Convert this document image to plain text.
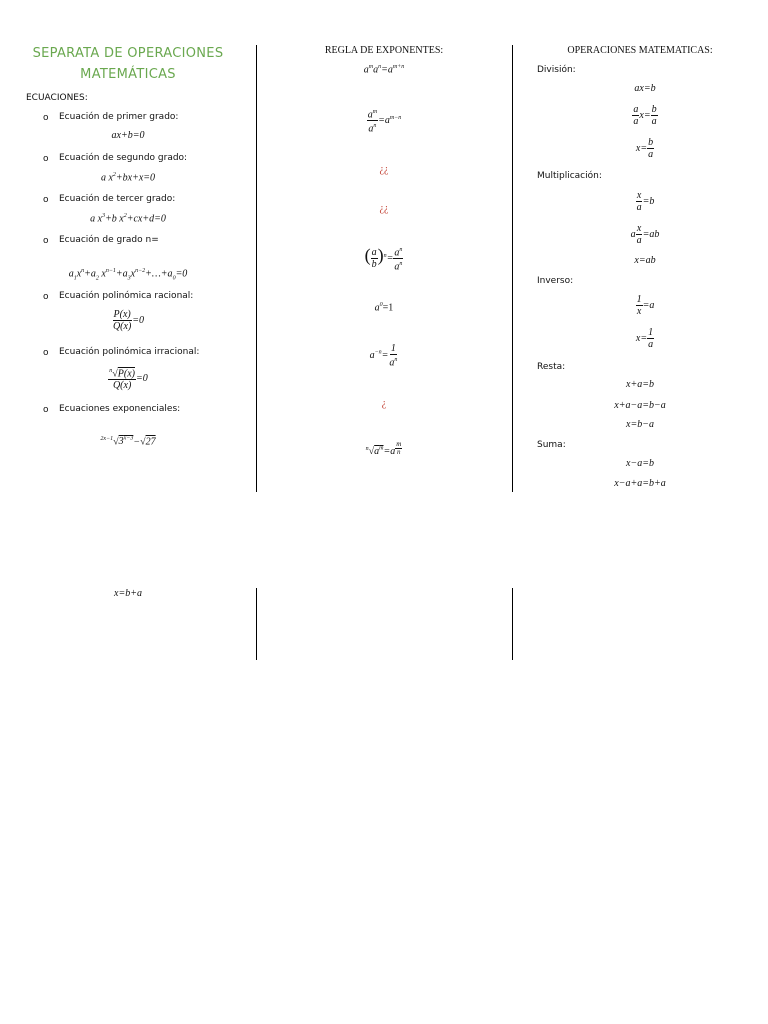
SEPARATA DE OPERACIONES
MATEMÁTICAS
ECUACIONES:
o Ecuación de primer grado:
ax+b=0
o Ecuación de segundo grado:
a $x^2+bx+x=0$
o Ecuación de tercer grado:
a $x^3+b$ $x^2+cx+d=0$
o Ecuación de grado n=
$a_1x^n+a_2$ $x^{n-1}+a_3x^{n-2}+\dots+a_0=0$
o Ecuación polinómica racional:
$\frac{P(x)}{Q(x)} =0$
o Ecuación polinómica irracional:
$\frac{^n√P(x)}{Q(x)} =0$
o Ecuaciones exponenciales:
$^{2x-1}√3^{x-3}-√27$
x=b+a
REGLA DE EXPONENTES:
$a^ma^n=a^{m+n}$
$\frac{a^m}{a^n} =a^{m-n}$
¿¿
¿¿
( $\frac{a}{b} )^n= \frac{a^n}{a^n}$
$a^0=1$
$a^{-n}= \frac{1}{a^n}$
¿
$^n√a^m=a$ $^{\frac{m}{n}}$
OPERACIONES MATEMATICAS:
División:
ax=b
$\frac{a}{a} x= \frac{b}{a}$
$x= \frac{b}{a}$
Multiplicación:
$\frac{x}{a} =b$
a $\frac{x}{a} =ab$
x=ab
Inverso:
$\frac{1}{x} =a$
$x= \frac{1}{a}$
Resta:
x+a=b
x+a−a=b−a
x=b−a
Suma:
x−a=b
x−a+a=b+a
